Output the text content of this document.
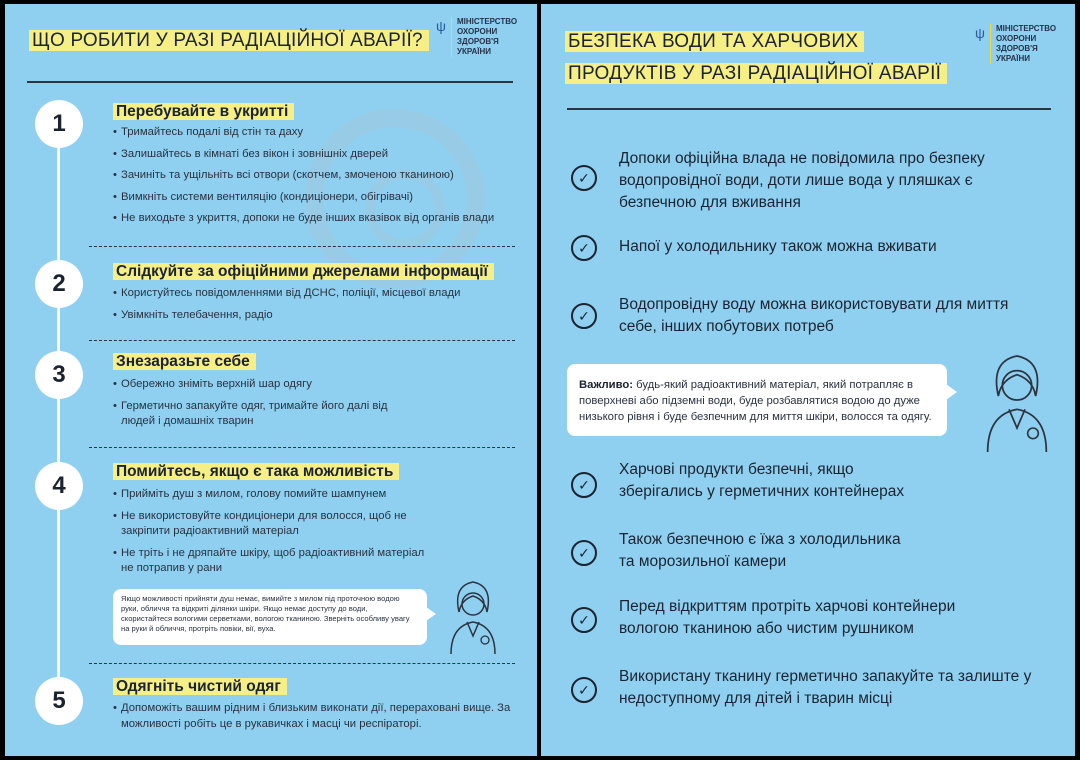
ЩО РОБИТИ У РАЗІ РАДІАЦІЙНОЇ АВАРІЇ?
ψ МІНІСТЕРСТВО
ОХОРОНИ
ЗДОРОВ'Я
УКРАЇНИ
1	Перебувайте в укритті
• Тримайтесь подалі від стін та даху
• Залишайтесь в кімнаті без вікон і зовнішніх дверей
• Зачиніть та ущільніть всі отвори (скотчем, змоченою тканиною)
• Вимкніть системи вентиляцію (кондиціонери, обігрівачі)
• Не виходьте з укриття, допоки не буде інших вказівок від органів влади
2	Слідкуйте за офіційними джерелами інформації
• Користуйтесь повідомленнями від ДСНС, поліції, місцевої влади
• Увімкніть телебачення, радіо
3	Знезаразьте себе
• Обережно зніміть верхній шар одягу
• Герметично запакуйте одяг, тримайте його далі від людей і домашніх тварин
4
Помийтесь, якщо є така можливість
• Прийміть душ з милом, голову помийте шампунем
• Не використовуйте кондиціонери для волосся, щоб не закріпити радіоактивний матеріал
• Не тріть і не дряпайте шкіру, щоб радіоактивний матеріал не потрапив у рани
Якщо можливості прийняти душ немає, вимийте з милом під проточною водою руки, обличчя та відкриті ділянки шкіри. Якщо немає доступу до води, скористайтеся вологими серветками, вологою тканиною. Зверніть особливу увагу на руки й обличчя, протріть повіки, вії, вуха.
5
Одягніть чистий одяг
• Допоможіть вашим рідним і близьким виконати дії, перераховані вище. За можливості робіть це в рукавичках і масці чи респіраторі.
БЕЗПЕКА ВОДИ ТА ХАРЧОВИХ
ПРОДУКТІВ У РАЗІ РАДІАЦІЙНОЇ АВАРІЇ
ψ МІНІСТЕРСТВО
ОХОРОНИ
ЗДОРОВ'Я
УКРАЇНИ
✓
Допоки офіційна влада не повідомила про безпеку водопровідної води, доти лише вода у пляшках є безпечною для вживання
✓	Напої у холодильнику також можна вживати
✓
Водопровідну воду можна використовувати для миття себе, інших побутових потреб
Важливо: будь-який радіоактивний матеріал, який потрапляє в поверхневі або підземні води, буде розбавлятися водою до дуже низького рівня і буде безпечним для миття шкіри, волосся та одягу.
✓
Харчові продукти безпечні, якщо зберігались у герметичних контейнерах
✓
Також безпечною є їжа з холодильника та морозильної камери
✓
Перед відкриттям протріть харчові контейнери вологою тканиною або чистим рушником
✓
Використану тканину герметично запакуйте та залиште у недоступному для дітей і тварин місці
